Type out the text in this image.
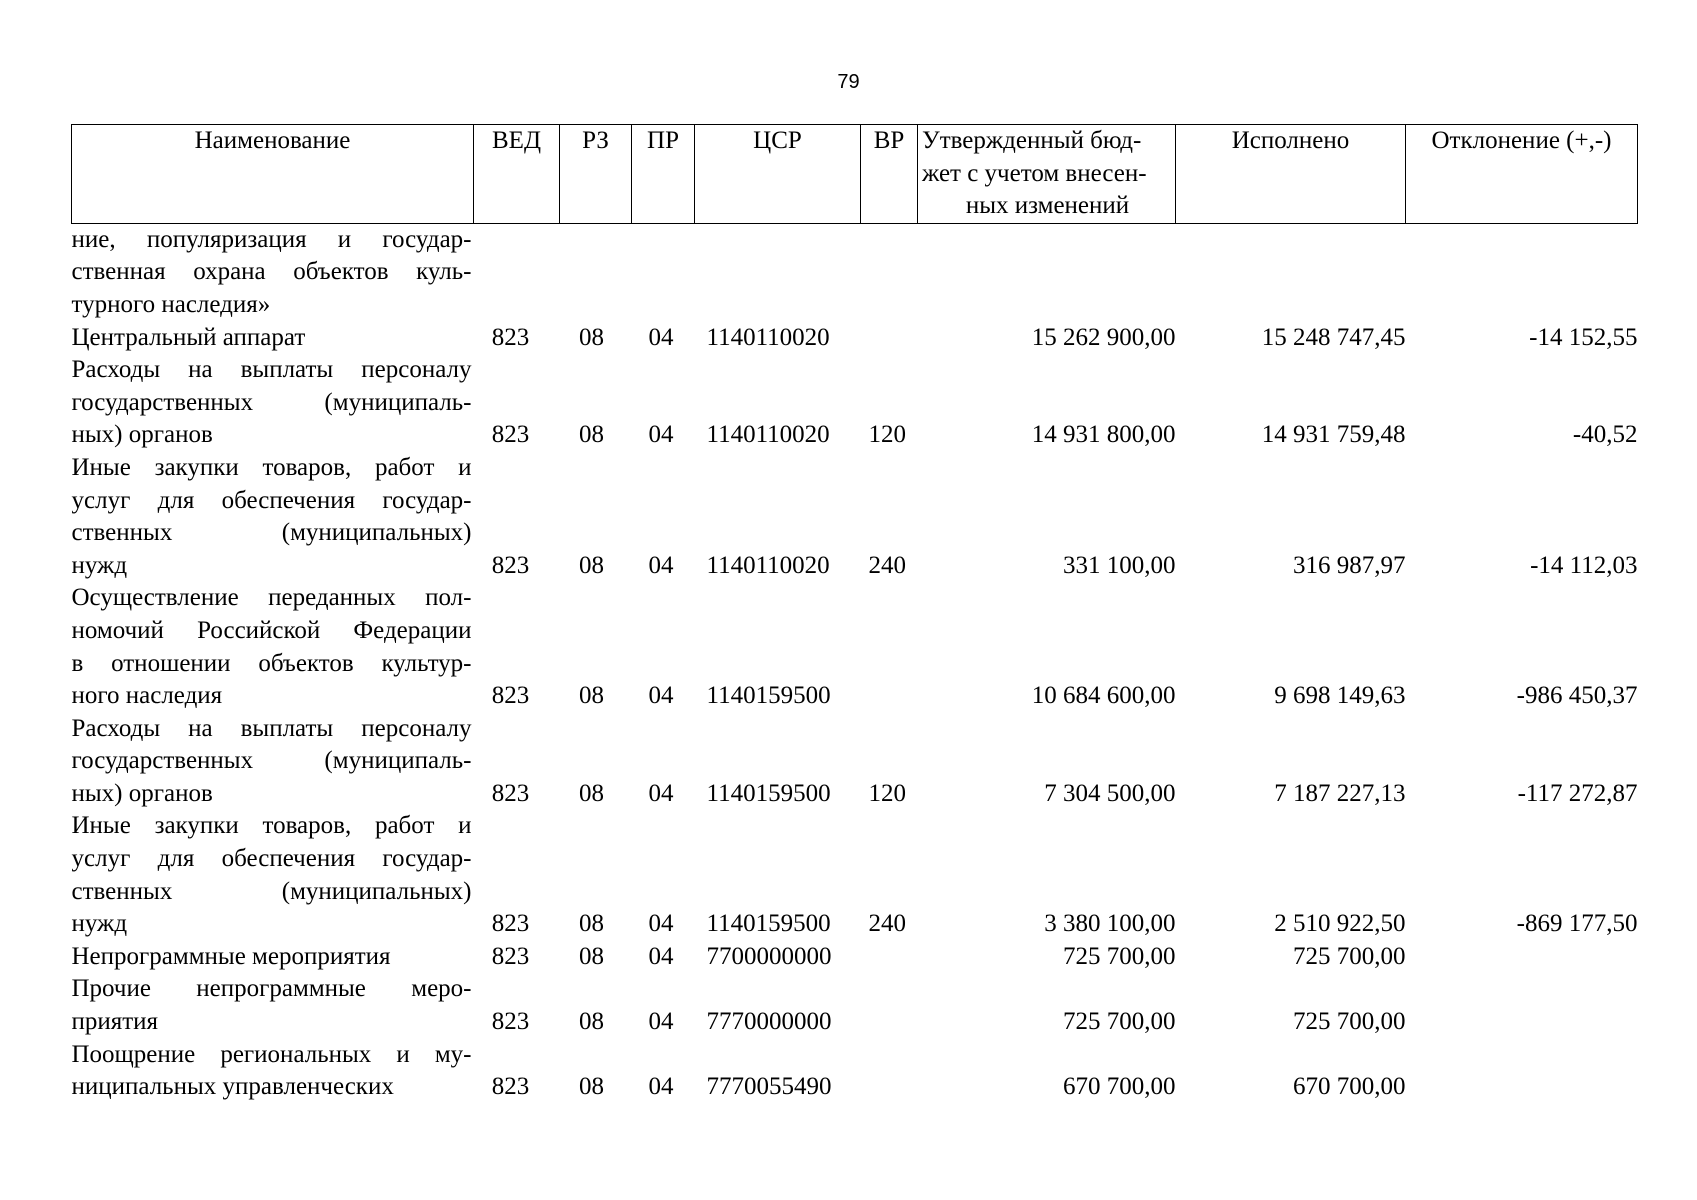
79
Наименование	ВЕД	РЗ	ПР	ЦСР	ВР	Утвержденный бюд-
жет с учетом внесен-
ных изменений	Исполнено	Отклонение (+,-)

ние, популяризация и государ-
ственная охрана объектов куль-
турного наследия»								

Центральный аппарат	823	08	04	1140110020		15 262 900,00	15 248 747,45	-14 152,55

Расходы на выплаты персоналу
государственных (муниципаль-
ных) органов	823	08	04	1140110020	120	14 931 800,00	14 931 759,48	-40,52

Иные закупки товаров, работ и
услуг для обеспечения государ-
ственных (муниципальных)
нужд	823	08	04	1140110020	240	331 100,00	316 987,97	-14 112,03

Осуществление переданных пол-
номочий Российской Федерации
в отношении объектов культур-
ного наследия	823	08	04	1140159500		10 684 600,00	9 698 149,63	-986 450,37

Расходы на выплаты персоналу
государственных (муниципаль-
ных) органов	823	08	04	1140159500	120	7 304 500,00	7 187 227,13	-117 272,87

Иные закупки товаров, работ и
услуг для обеспечения государ-
ственных (муниципальных)
нужд	823	08	04	1140159500	240	3 380 100,00	2 510 922,50	-869 177,50

Непрограммные мероприятия	823	08	04	7700000000		725 700,00	725 700,00	

Прочие непрограммные меро-
приятия	823	08	04	7770000000		725 700,00	725 700,00	

Поощрение региональных и му-
ниципальных управленческих	823	08	04	7770055490		670 700,00	670 700,00	
